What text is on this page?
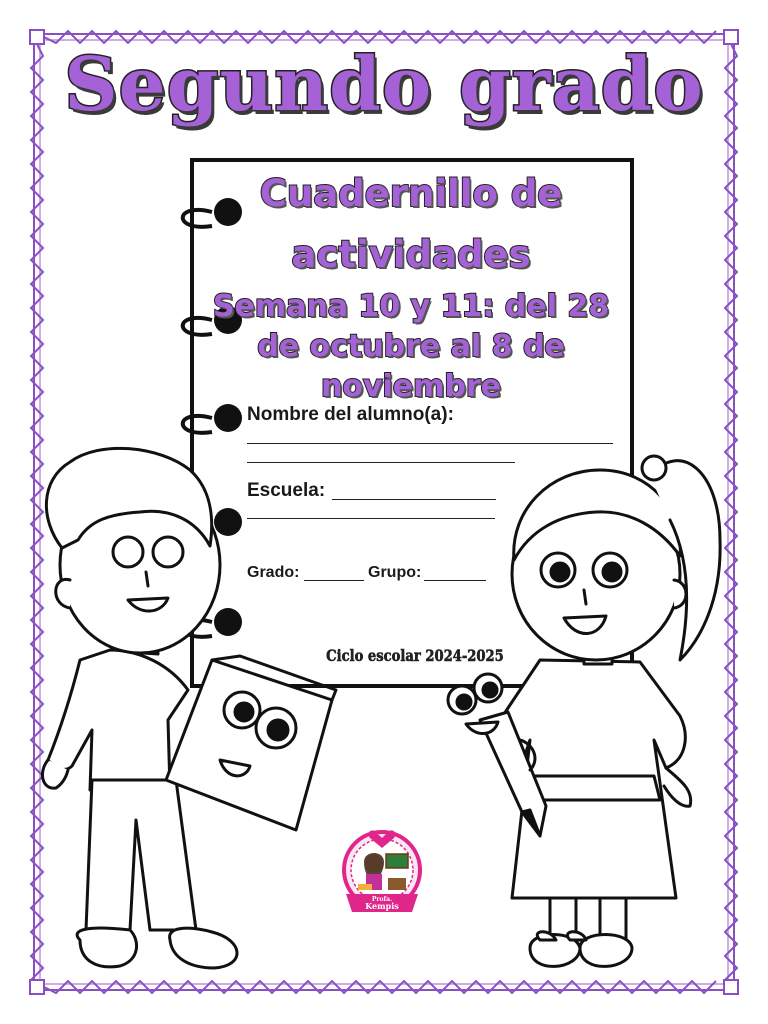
Segundo grado
Cuadernillo de
actividades
Semana 10 y 11: del 28
de octubre al 8 de
noviembre
Nombre del alumno(a):
Escuela:
Grado:	Grupo:
Ciclo escolar 2024-2025
Profa.
Kempis
